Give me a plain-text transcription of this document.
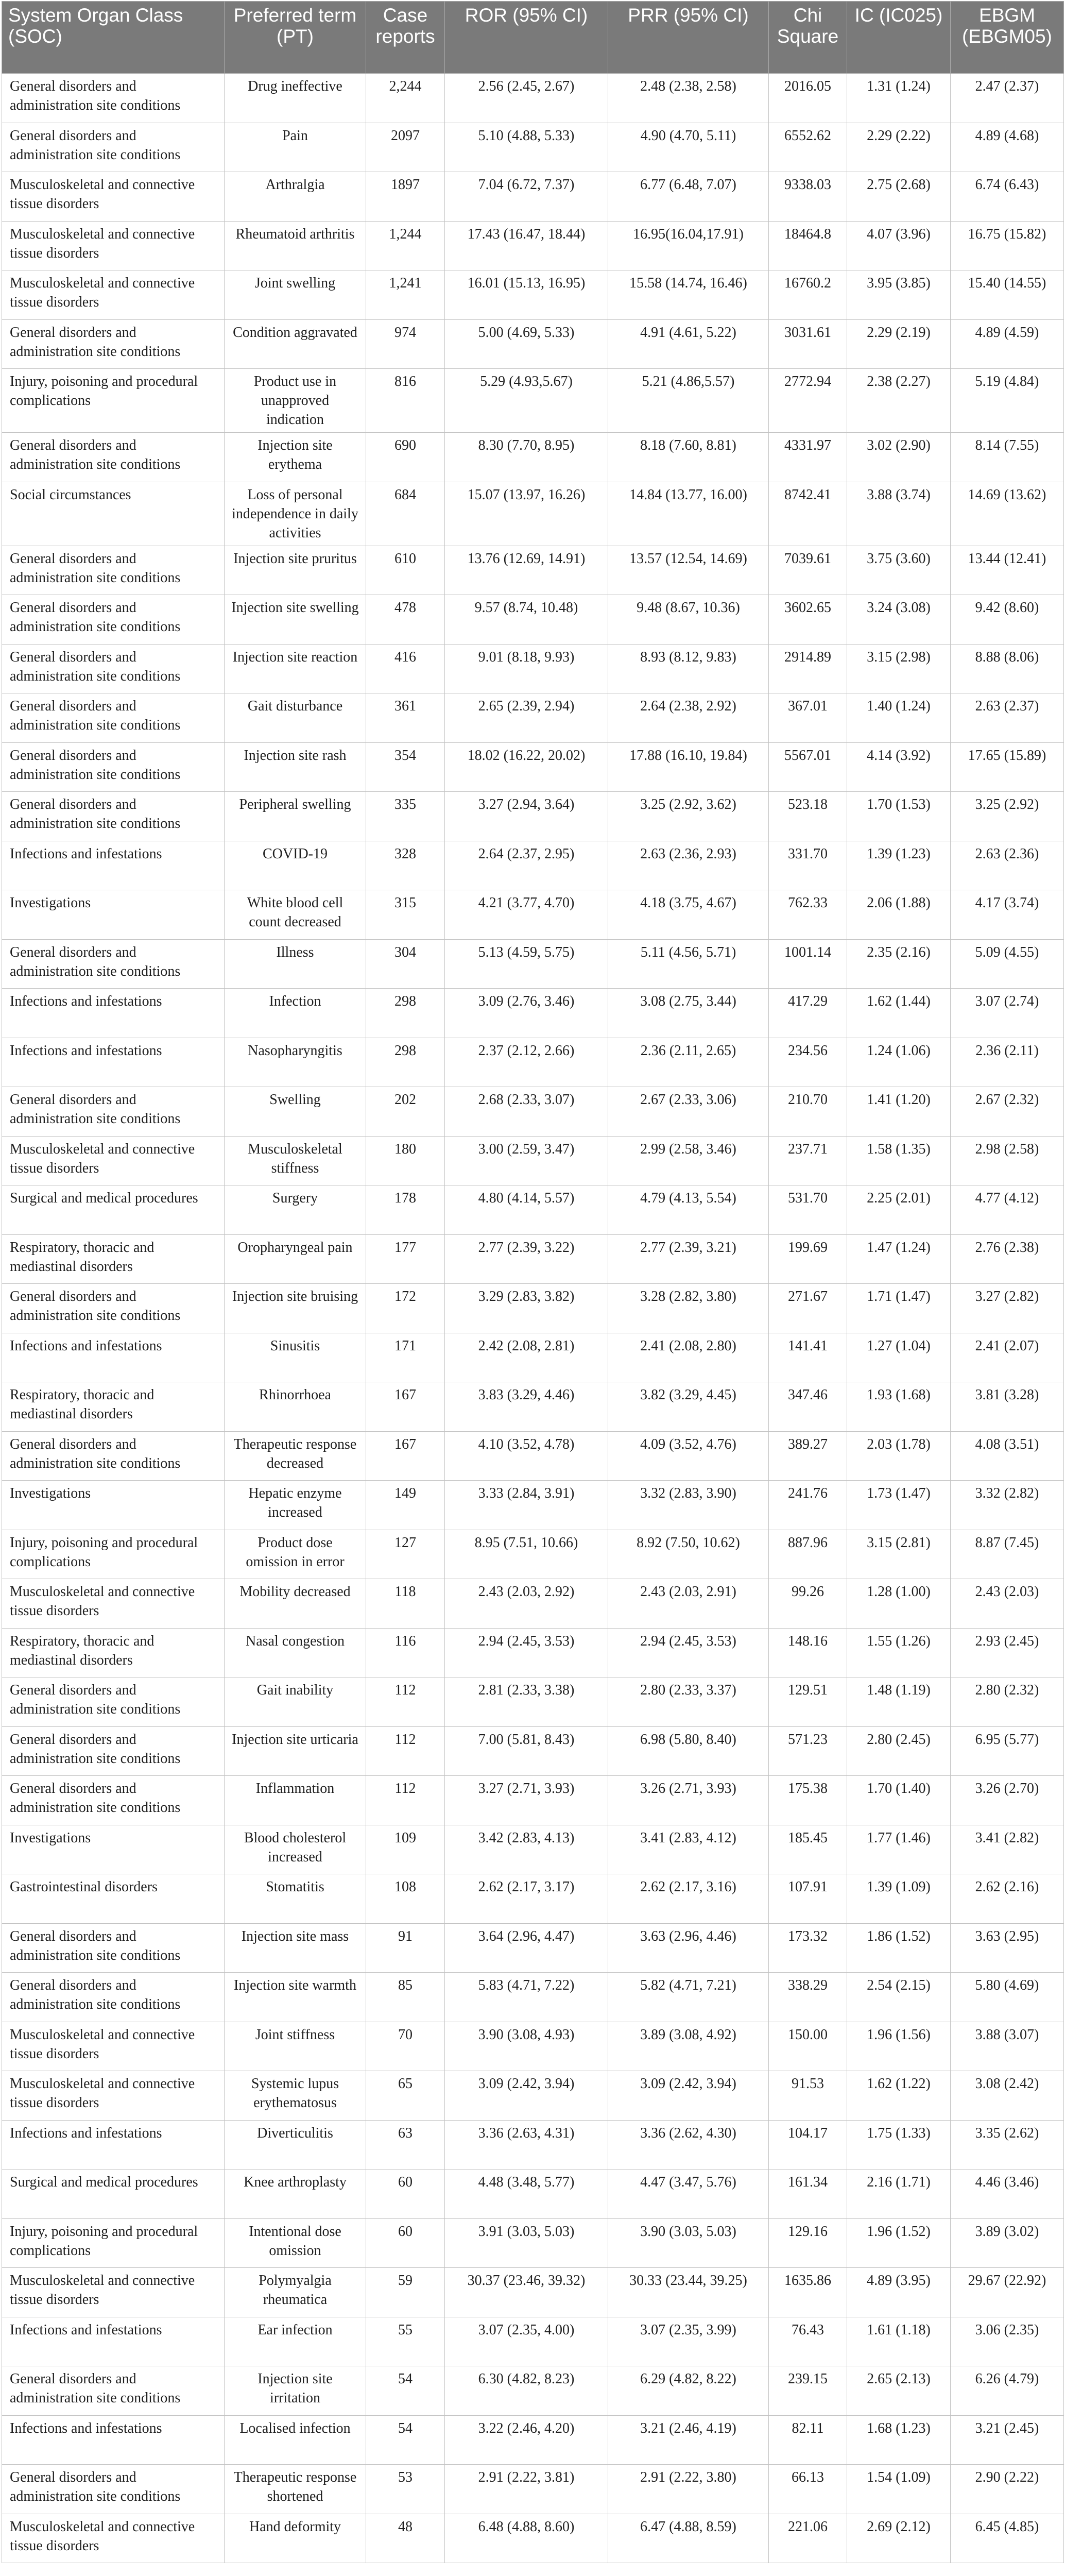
System Organ Class (SOC)	Preferred term (PT)	Case reports	ROR (95% CI)	PRR (95% CI)	Chi Square	IC (IC025)	EBGM (EBGM05)
General disorders and administration site conditions	Drug ineffective	2,244	2.56 (2.45, 2.67)	2.48 (2.38, 2.58)	2016.05	1.31 (1.24)	2.47 (2.37)
General disorders and administration site conditions	Pain	2097	5.10 (4.88, 5.33)	4.90 (4.70, 5.11)	6552.62	2.29 (2.22)	4.89 (4.68)
Musculoskeletal and connective tissue disorders	Arthralgia	1897	7.04 (6.72, 7.37)	6.77 (6.48, 7.07)	9338.03	2.75 (2.68)	6.74 (6.43)
Musculoskeletal and connective tissue disorders	Rheumatoid arthritis	1,244	17.43 (16.47, 18.44)	16.95(16.04,17.91)	18464.8	4.07 (3.96)	16.75 (15.82)
Musculoskeletal and connective tissue disorders	Joint swelling	1,241	16.01 (15.13, 16.95)	15.58 (14.74, 16.46)	16760.2	3.95 (3.85)	15.40 (14.55)
General disorders and administration site conditions	Condition aggravated	974	5.00 (4.69, 5.33)	4.91 (4.61, 5.22)	3031.61	2.29 (2.19)	4.89 (4.59)
Injury, poisoning and procedural complications	Product use in unapproved indication	816	5.29 (4.93,5.67)	5.21 (4.86,5.57)	2772.94	2.38 (2.27)	5.19 (4.84)
General disorders and administration site conditions	Injection site erythema	690	8.30 (7.70, 8.95)	8.18 (7.60, 8.81)	4331.97	3.02 (2.90)	8.14 (7.55)
Social circumstances	Loss of personal independence in daily activities	684	15.07 (13.97, 16.26)	14.84 (13.77, 16.00)	8742.41	3.88 (3.74)	14.69 (13.62)
General disorders and administration site conditions	Injection site pruritus	610	13.76 (12.69, 14.91)	13.57 (12.54, 14.69)	7039.61	3.75 (3.60)	13.44 (12.41)
General disorders and administration site conditions	Injection site swelling	478	9.57 (8.74, 10.48)	9.48 (8.67, 10.36)	3602.65	3.24 (3.08)	9.42 (8.60)
General disorders and administration site conditions	Injection site reaction	416	9.01 (8.18, 9.93)	8.93 (8.12, 9.83)	2914.89	3.15 (2.98)	8.88 (8.06)
General disorders and administration site conditions	Gait disturbance	361	2.65 (2.39, 2.94)	2.64 (2.38, 2.92)	367.01	1.40 (1.24)	2.63 (2.37)
General disorders and administration site conditions	Injection site rash	354	18.02 (16.22, 20.02)	17.88 (16.10, 19.84)	5567.01	4.14 (3.92)	17.65 (15.89)
General disorders and administration site conditions	Peripheral swelling	335	3.27 (2.94, 3.64)	3.25 (2.92, 3.62)	523.18	1.70 (1.53)	3.25 (2.92)
Infections and infestations	COVID-19	328	2.64 (2.37, 2.95)	2.63 (2.36, 2.93)	331.70	1.39 (1.23)	2.63 (2.36)
Investigations	White blood cell count decreased	315	4.21 (3.77, 4.70)	4.18 (3.75, 4.67)	762.33	2.06 (1.88)	4.17 (3.74)
General disorders and administration site conditions	Illness	304	5.13 (4.59, 5.75)	5.11 (4.56, 5.71)	1001.14	2.35 (2.16)	5.09 (4.55)
Infections and infestations	Infection	298	3.09 (2.76, 3.46)	3.08 (2.75, 3.44)	417.29	1.62 (1.44)	3.07 (2.74)
Infections and infestations	Nasopharyngitis	298	2.37 (2.12, 2.66)	2.36 (2.11, 2.65)	234.56	1.24 (1.06)	2.36 (2.11)
General disorders and administration site conditions	Swelling	202	2.68 (2.33, 3.07)	2.67 (2.33, 3.06)	210.70	1.41 (1.20)	2.67 (2.32)
Musculoskeletal and connective tissue disorders	Musculoskeletal stiffness	180	3.00 (2.59, 3.47)	2.99 (2.58, 3.46)	237.71	1.58 (1.35)	2.98 (2.58)
Surgical and medical procedures	Surgery	178	4.80 (4.14, 5.57)	4.79 (4.13, 5.54)	531.70	2.25 (2.01)	4.77 (4.12)
Respiratory, thoracic and mediastinal disorders	Oropharyngeal pain	177	2.77 (2.39, 3.22)	2.77 (2.39, 3.21)	199.69	1.47 (1.24)	2.76 (2.38)
General disorders and administration site conditions	Injection site bruising	172	3.29 (2.83, 3.82)	3.28 (2.82, 3.80)	271.67	1.71 (1.47)	3.27 (2.82)
Infections and infestations	Sinusitis	171	2.42 (2.08, 2.81)	2.41 (2.08, 2.80)	141.41	1.27 (1.04)	2.41 (2.07)
Respiratory, thoracic and mediastinal disorders	Rhinorrhoea	167	3.83 (3.29, 4.46)	3.82 (3.29, 4.45)	347.46	1.93 (1.68)	3.81 (3.28)
General disorders and administration site conditions	Therapeutic response decreased	167	4.10 (3.52, 4.78)	4.09 (3.52, 4.76)	389.27	2.03 (1.78)	4.08 (3.51)
Investigations	Hepatic enzyme increased	149	3.33 (2.84, 3.91)	3.32 (2.83, 3.90)	241.76	1.73 (1.47)	3.32 (2.82)
Injury, poisoning and procedural complications	Product dose omission in error	127	8.95 (7.51, 10.66)	8.92 (7.50, 10.62)	887.96	3.15 (2.81)	8.87 (7.45)
Musculoskeletal and connective tissue disorders	Mobility decreased	118	2.43 (2.03, 2.92)	2.43 (2.03, 2.91)	99.26	1.28 (1.00)	2.43 (2.03)
Respiratory, thoracic and mediastinal disorders	Nasal congestion	116	2.94 (2.45, 3.53)	2.94 (2.45, 3.53)	148.16	1.55 (1.26)	2.93 (2.45)
General disorders and administration site conditions	Gait inability	112	2.81 (2.33, 3.38)	2.80 (2.33, 3.37)	129.51	1.48 (1.19)	2.80 (2.32)
General disorders and administration site conditions	Injection site urticaria	112	7.00 (5.81, 8.43)	6.98 (5.80, 8.40)	571.23	2.80 (2.45)	6.95 (5.77)
General disorders and administration site conditions	Inflammation	112	3.27 (2.71, 3.93)	3.26 (2.71, 3.93)	175.38	1.70 (1.40)	3.26 (2.70)
Investigations	Blood cholesterol increased	109	3.42 (2.83, 4.13)	3.41 (2.83, 4.12)	185.45	1.77 (1.46)	3.41 (2.82)
Gastrointestinal disorders	Stomatitis	108	2.62 (2.17, 3.17)	2.62 (2.17, 3.16)	107.91	1.39 (1.09)	2.62 (2.16)
General disorders and administration site conditions	Injection site mass	91	3.64 (2.96, 4.47)	3.63 (2.96, 4.46)	173.32	1.86 (1.52)	3.63 (2.95)
General disorders and administration site conditions	Injection site warmth	85	5.83 (4.71, 7.22)	5.82 (4.71, 7.21)	338.29	2.54 (2.15)	5.80 (4.69)
Musculoskeletal and connective tissue disorders	Joint stiffness	70	3.90 (3.08, 4.93)	3.89 (3.08, 4.92)	150.00	1.96 (1.56)	3.88 (3.07)
Musculoskeletal and connective tissue disorders	Systemic lupus erythematosus	65	3.09 (2.42, 3.94)	3.09 (2.42, 3.94)	91.53	1.62 (1.22)	3.08 (2.42)
Infections and infestations	Diverticulitis	63	3.36 (2.63, 4.31)	3.36 (2.62, 4.30)	104.17	1.75 (1.33)	3.35 (2.62)
Surgical and medical procedures	Knee arthroplasty	60	4.48 (3.48, 5.77)	4.47 (3.47, 5.76)	161.34	2.16 (1.71)	4.46 (3.46)
Injury, poisoning and procedural complications	Intentional dose omission	60	3.91 (3.03, 5.03)	3.90 (3.03, 5.03)	129.16	1.96 (1.52)	3.89 (3.02)
Musculoskeletal and connective tissue disorders	Polymyalgia rheumatica	59	30.37 (23.46, 39.32)	30.33 (23.44, 39.25)	1635.86	4.89 (3.95)	29.67 (22.92)
Infections and infestations	Ear infection	55	3.07 (2.35, 4.00)	3.07 (2.35, 3.99)	76.43	1.61 (1.18)	3.06 (2.35)
General disorders and administration site conditions	Injection site irritation	54	6.30 (4.82, 8.23)	6.29 (4.82, 8.22)	239.15	2.65 (2.13)	6.26 (4.79)
Infections and infestations	Localised infection	54	3.22 (2.46, 4.20)	3.21 (2.46, 4.19)	82.11	1.68 (1.23)	3.21 (2.45)
General disorders and administration site conditions	Therapeutic response shortened	53	2.91 (2.22, 3.81)	2.91 (2.22, 3.80)	66.13	1.54 (1.09)	2.90 (2.22)
Musculoskeletal and connective tissue disorders	Hand deformity	48	6.48 (4.88, 8.60)	6.47 (4.88, 8.59)	221.06	2.69 (2.12)	6.45 (4.85)
